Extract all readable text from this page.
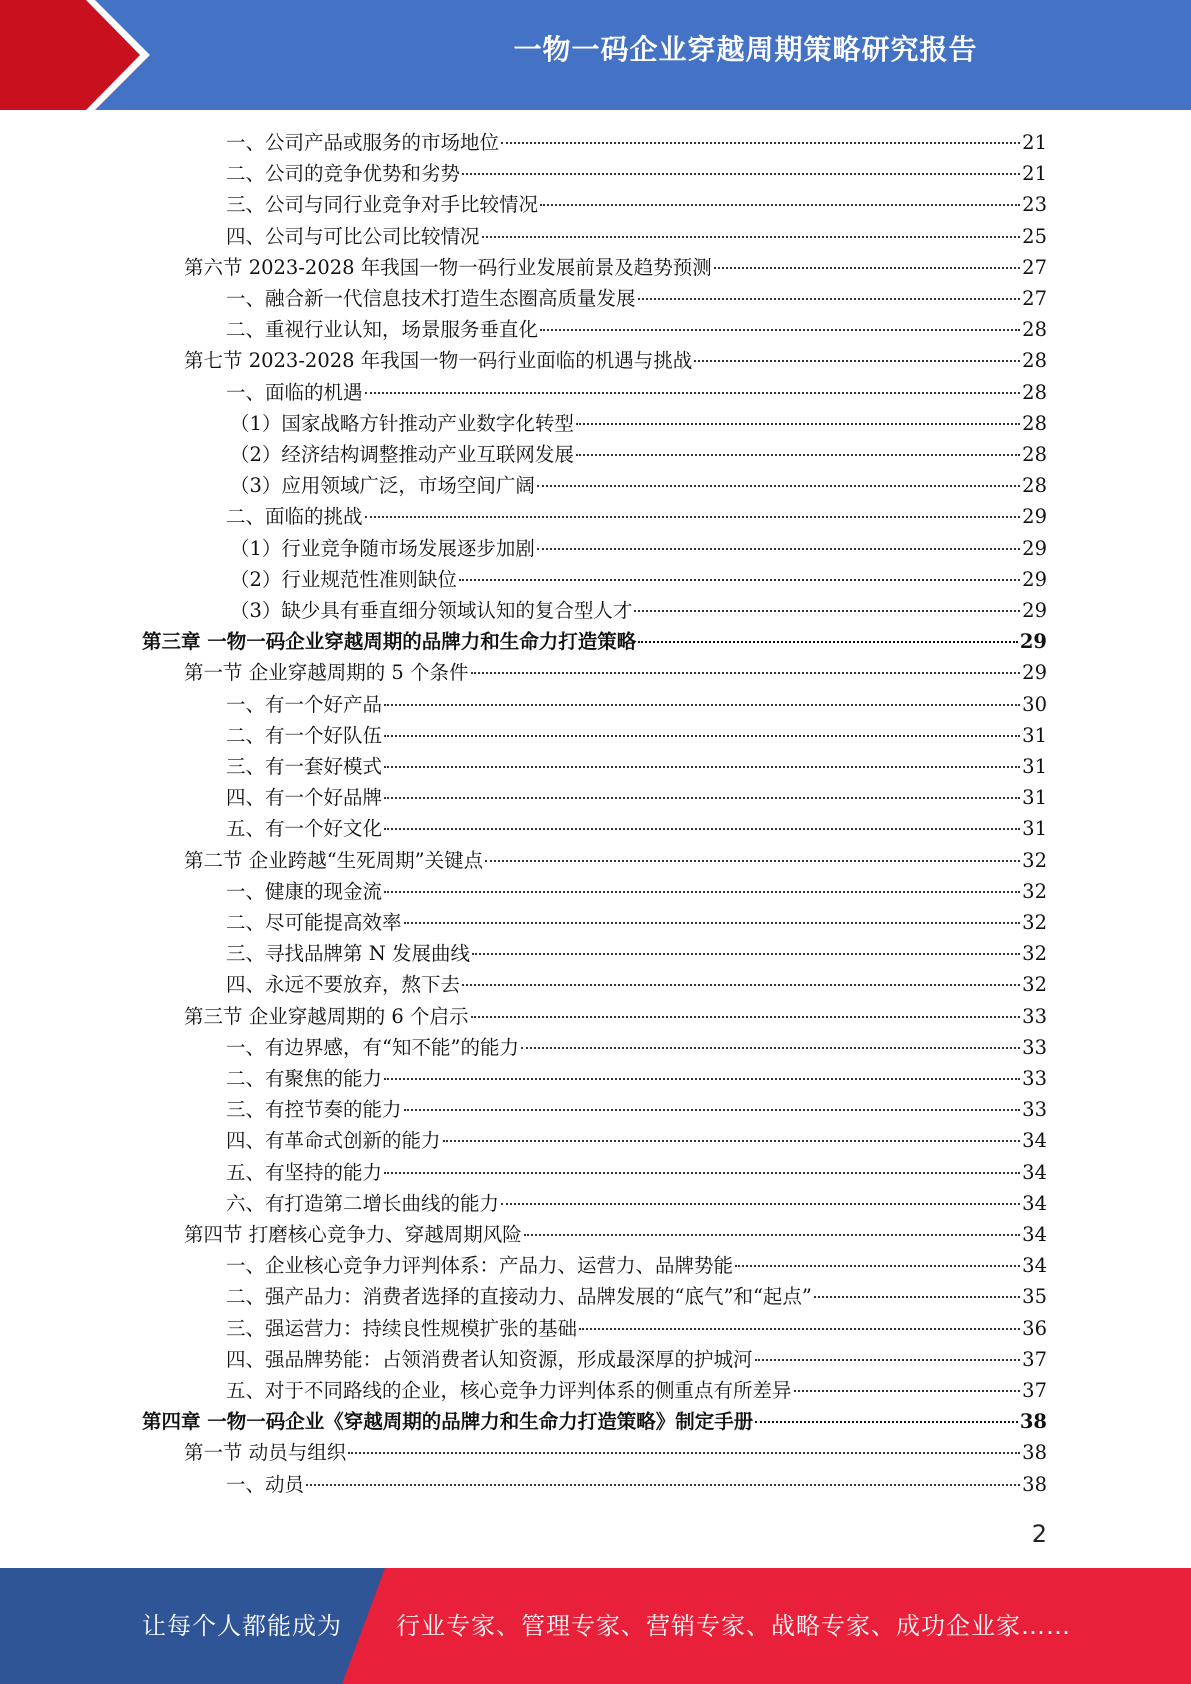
一物一码企业穿越周期策略研究报告
一、公司产品或服务的市场地位	21
二、公司的竞争优势和劣势	21
三、公司与同行业竞争对手比较情况	23
四、公司与可比公司比较情况	25
第六节 2023-2028 年我国一物一码行业发展前景及趋势预测	27
一、融合新一代信息技术打造生态圈高质量发展	27
二、重视行业认知，场景服务垂直化	28
第七节 2023-2028 年我国一物一码行业面临的机遇与挑战	28
一、面临的机遇	28
（1）国家战略方针推动产业数字化转型	28
（2）经济结构调整推动产业互联网发展	28
（3）应用领域广泛，市场空间广阔	28
二、面临的挑战	29
（1）行业竞争随市场发展逐步加剧	29
（2）行业规范性准则缺位	29
（3）缺少具有垂直细分领域认知的复合型人才	29
第三章 一物一码企业穿越周期的品牌力和生命力打造策略	29
第一节 企业穿越周期的 5 个条件	29
一、有一个好产品	30
二、有一个好队伍	31
三、有一套好模式	31
四、有一个好品牌	31
五、有一个好文化	31
第二节 企业跨越“生死周期”关键点	32
一、健康的现金流	32
二、尽可能提高效率	32
三、寻找品牌第 N 发展曲线	32
四、永远不要放弃，熬下去	32
第三节 企业穿越周期的 6 个启示	33
一、有边界感，有“知不能”的能力	33
二、有聚焦的能力	33
三、有控节奏的能力	33
四、有革命式创新的能力	34
五、有坚持的能力	34
六、有打造第二增长曲线的能力	34
第四节 打磨核心竞争力、穿越周期风险	34
一、企业核心竞争力评判体系：产品力、运营力、品牌势能	34
二、强产品力：消费者选择的直接动力、品牌发展的“底气”和“起点”	35
三、强运营力：持续良性规模扩张的基础	36
四、强品牌势能：占领消费者认知资源，形成最深厚的护城河	37
五、对于不同路线的企业，核心竞争力评判体系的侧重点有所差异	37
第四章 一物一码企业《穿越周期的品牌力和生命力打造策略》制定手册	38
第一节 动员与组织	38
一、动员	38
2
让每个人都能成为 行业专家、管理专家、营销专家、战略专家、成功企业家……
